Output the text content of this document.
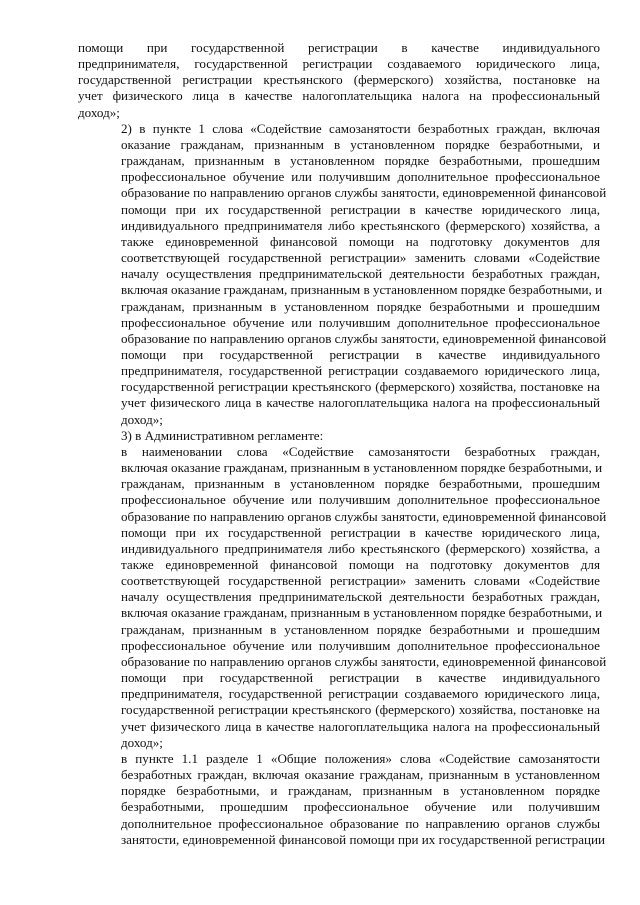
помощи при государственной регистрации в качестве индивидуального
предпринимателя, государственной регистрации создаваемого юридического лица,
государственной регистрации крестьянского (фермерского) хозяйства, постановке на
учет физического лица в качестве налогоплательщика налога на профессиональный
доход»;
2) в пункте 1 слова «Содействие самозанятости безработных граждан, включая
оказание гражданам, признанным в установленном порядке безработными, и
гражданам, признанным в установленном порядке безработными, прошедшим
профессиональное обучение или получившим дополнительное профессиональное
образование по направлению органов службы занятости, единовременной финансовой
помощи при их государственной регистрации в качестве юридического лица,
индивидуального предпринимателя либо крестьянского (фермерского) хозяйства, а
также единовременной финансовой помощи на подготовку документов для
соответствующей государственной регистрации» заменить словами «Содействие
началу осуществления предпринимательской деятельности безработных граждан,
включая оказание гражданам, признанным в установленном порядке безработными, и
гражданам, признанным в установленном порядке безработными и прошедшим
профессиональное обучение или получившим дополнительное профессиональное
образование по направлению органов службы занятости, единовременной финансовой
помощи при государственной регистрации в качестве индивидуального
предпринимателя, государственной регистрации создаваемого юридического лица,
государственной регистрации крестьянского (фермерского) хозяйства, постановке на
учет физического лица в качестве налогоплательщика налога на профессиональный
доход»;
3) в Административном регламенте:
в наименовании слова «Содействие самозанятости безработных граждан,
включая оказание гражданам, признанным в установленном порядке безработными, и
гражданам, признанным в установленном порядке безработными, прошедшим
профессиональное обучение или получившим дополнительное профессиональное
образование по направлению органов службы занятости, единовременной финансовой
помощи при их государственной регистрации в качестве юридического лица,
индивидуального предпринимателя либо крестьянского (фермерского) хозяйства, а
также единовременной финансовой помощи на подготовку документов для
соответствующей государственной регистрации» заменить словами «Содействие
началу осуществления предпринимательской деятельности безработных граждан,
включая оказание гражданам, признанным в установленном порядке безработными, и
гражданам, признанным в установленном порядке безработными и прошедшим
профессиональное обучение или получившим дополнительное профессиональное
образование по направлению органов службы занятости, единовременной финансовой
помощи при государственной регистрации в качестве индивидуального
предпринимателя, государственной регистрации создаваемого юридического лица,
государственной регистрации крестьянского (фермерского) хозяйства, постановке на
учет физического лица в качестве налогоплательщика налога на профессиональный
доход»;
в пункте 1.1 разделе 1 «Общие положения» слова «Содействие самозанятости
безработных граждан, включая оказание гражданам, признанным в установленном
порядке безработными, и гражданам, признанным в установленном порядке
безработными, прошедшим профессиональное обучение или получившим
дополнительное профессиональное образование по направлению органов службы
занятости, единовременной финансовой помощи при их государственной регистрации
